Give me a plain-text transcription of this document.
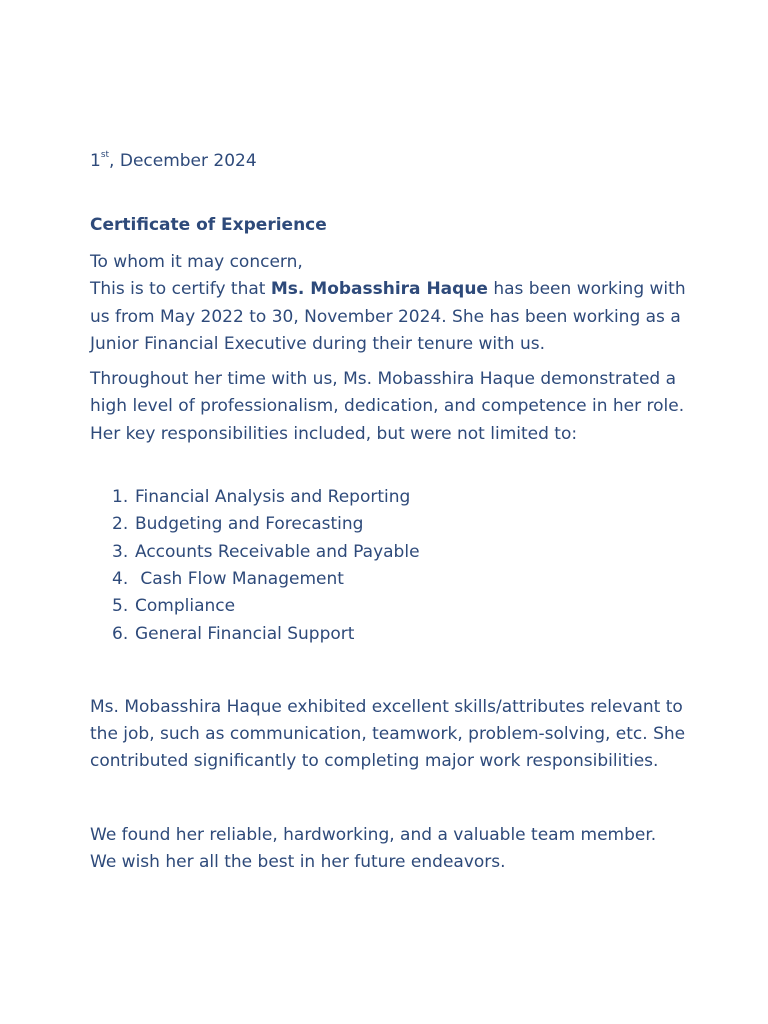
1st, December 2024

Certificate of Experience

To whom it may concern,

This is to certify that Ms. Mobasshira Haque has been working with us from May 2022 to 30, November 2024. She has been working as a Junior Financial Executive during their tenure with us.

Throughout her time with us, Ms. Mobasshira Haque demonstrated a high level of professionalism, dedication, and competence in her role. Her key responsibilities included, but were not limited to:

1. Financial Analysis and Reporting
2. Budgeting and Forecasting
3. Accounts Receivable and Payable
4. Cash Flow Management
5. Compliance
6. General Financial Support

Ms. Mobasshira Haque exhibited excellent skills/attributes relevant to the job, such as communication, teamwork, problem-solving, etc. She contributed significantly to completing major work responsibilities.

We found her reliable, hardworking, and a valuable team member.
We wish her all the best in her future endeavors.
